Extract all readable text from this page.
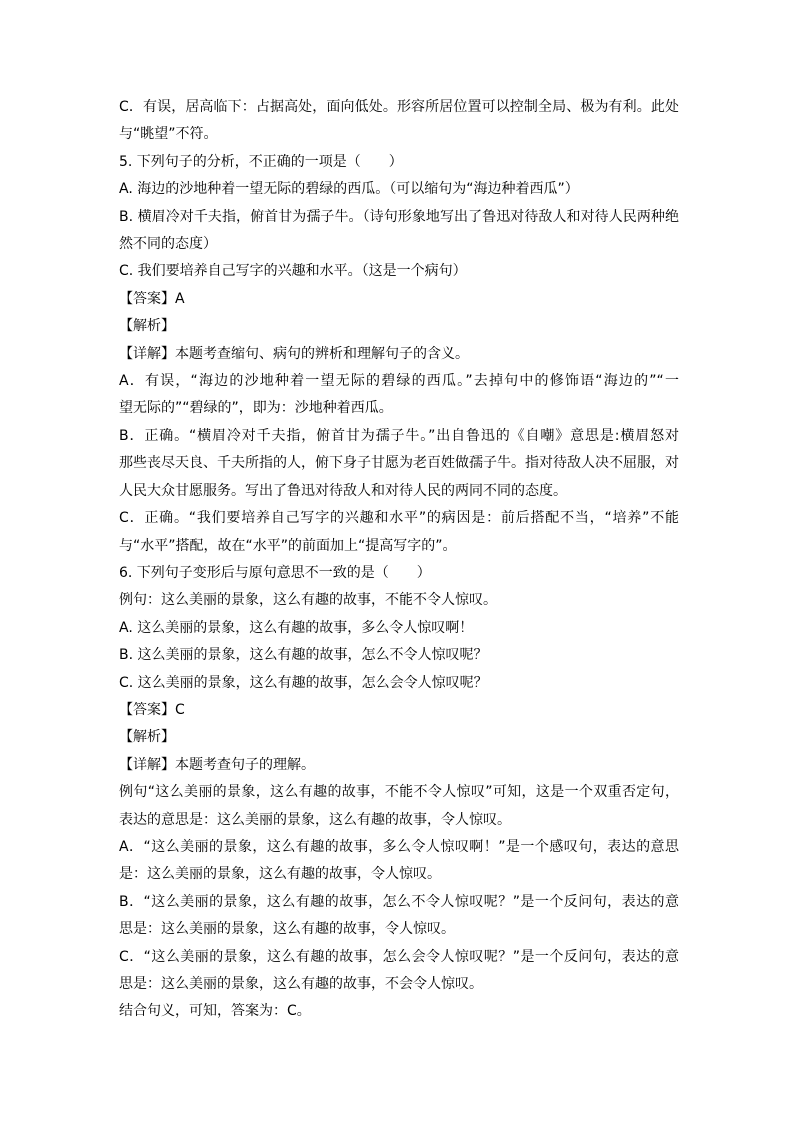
C．有误，居高临下：占据高处，面向低处。形容所居位置可以控制全局、极为有利。此处
与“眺望”不符。
5. 下列句子的分析，不正确的一项是（　　）
A. 海边的沙地种着一望无际的碧绿的西瓜。（可以缩句为“海边种着西瓜”）
B. 横眉冷对千夫指，俯首甘为孺子牛。（诗句形象地写出了鲁迅对待敌人和对待人民两种绝
然不同的态度）
C. 我们要培养自己写字的兴趣和水平。（这是一个病句）
【答案】A
【解析】
【详解】本题考查缩句、病句的辨析和理解句子的含义。
A．有误，“海边的沙地种着一望无际的碧绿的西瓜。”去掉句中的修饰语“海边的”“一
望无际的”“碧绿的”，即为：沙地种着西瓜。
B．正确。“横眉冷对千夫指，俯首甘为孺子牛。”出自鲁迅的《自嘲》意思是:横眉怒对
那些丧尽天良、千夫所指的人，俯下身子甘愿为老百姓做孺子牛。指对待敌人决不屈服，对
人民大众甘愿服务。写出了鲁迅对待敌人和对待人民的两同不同的态度。
C．正确。“我们要培养自己写字的兴趣和水平”的病因是：前后搭配不当，“培养”不能
与“水平”搭配，故在“水平”的前面加上“提高写字的”。
6. 下列句子变形后与原句意思不一致的是（　　）
例句：这么美丽的景象，这么有趣的故事，不能不令人惊叹。
A. 这么美丽的景象，这么有趣的故事，多么令人惊叹啊！
B. 这么美丽的景象，这么有趣的故事，怎么不令人惊叹呢？
C. 这么美丽的景象，这么有趣的故事，怎么会令人惊叹呢？
【答案】C
【解析】
【详解】本题考查句子的理解。
例句“这么美丽的景象，这么有趣的故事，不能不令人惊叹”可知，这是一个双重否定句，
表达的意思是：这么美丽的景象，这么有趣的故事，令人惊叹。
A．“这么美丽的景象，这么有趣的故事，多么令人惊叹啊！”是一个感叹句，表达的意思
是：这么美丽的景象，这么有趣的故事，令人惊叹。
B．“这么美丽的景象，这么有趣的故事，怎么不令人惊叹呢？”是一个反问句，表达的意
思是：这么美丽的景象，这么有趣的故事，令人惊叹。
C．“这么美丽的景象，这么有趣的故事，怎么会令人惊叹呢？”是一个反问句，表达的意
思是：这么美丽的景象，这么有趣的故事，不会令人惊叹。
结合句义，可知，答案为：C。
